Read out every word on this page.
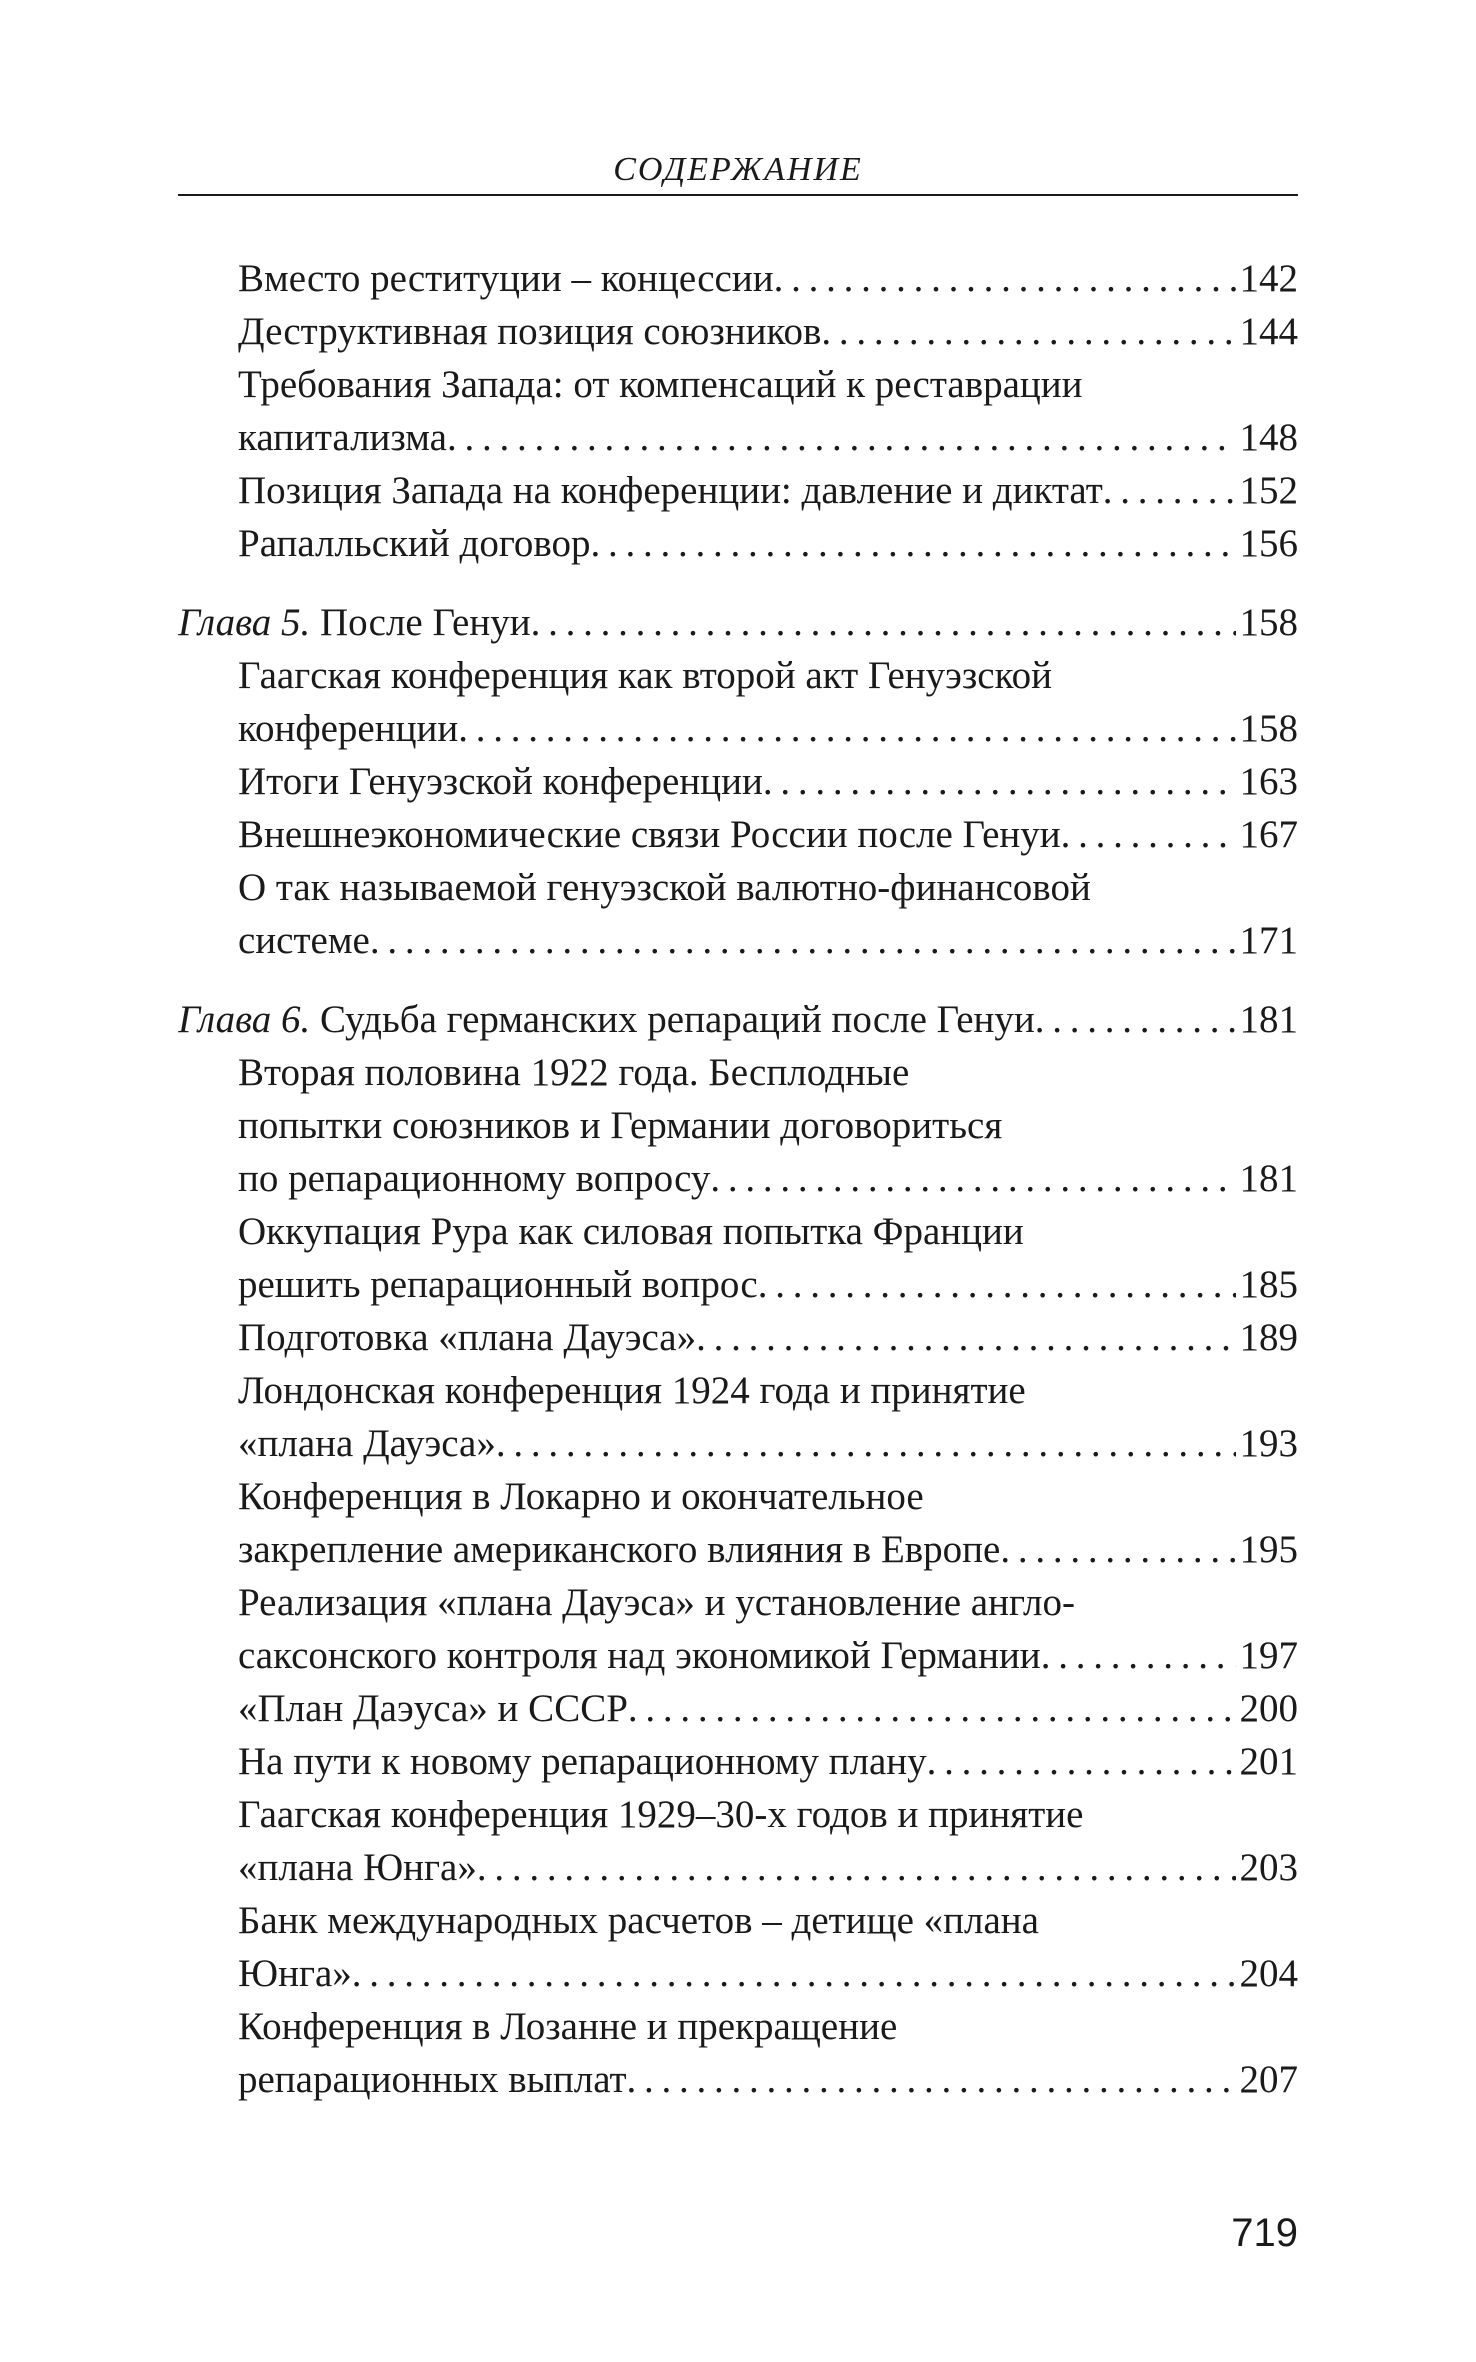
СОДЕРЖАНИЕ
Вместо реституции – концессии . . .	142
Деструктивная позиция союзников . . .	144
Требования Запада: от компенсаций к реставрации
капитализма . . .	148
Позиция Запада на конференции: давление и диктат . . .	152
Рапалльский договор . . .	156
Глава 5. После Генуи . . .	158
Гаагская конференция как второй акт Генуэзской
конференции . . .	158
Итоги Генуэзской конференции . . .	163
Внешнеэкономические связи России после Генуи . . .	167
О так называемой генуэзской валютно-финансовой
системе . . .	171
Глава 6. Судьба германских репараций после Генуи . . .	181
Вторая половина 1922 года. Бесплодные
попытки союзников и Германии договориться
по репарационному вопросу . . .	181
Оккупация Рура как силовая попытка Франции
решить репарационный вопрос . . .	185
Подготовка «плана Дауэса» . . .	189
Лондонская конференция 1924 года и принятие
«плана Дауэса» . . .	193
Конференция в Локарно и окончательное
закрепление американского влияния в Европе . . .	195
Реализация «плана Дауэса» и установление англо-
саксонского контроля над экономикой Германии . . .	197
«План Даэуса» и СССР . . .	200
На пути к новому репарационному плану . . .	201
Гаагская конференция 1929–30-х годов и принятие
«плана Юнга» . . .	203
Банк международных расчетов – детище «плана
Юнга» . . .	204
Конференция в Лозанне и прекращение
репарационных выплат . . .	207
719
